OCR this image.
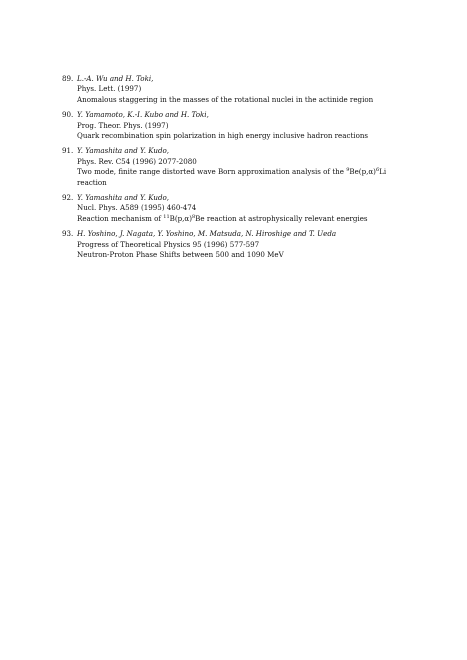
89. L.-A. Wu and H. Toki,
Phys. Lett. (1997)
Anomalous staggering in the masses of the rotational nuclei in the actinide region
90. Y. Yamamoto, K.-I. Kubo and H. Toki,
Prog. Theor. Phys. (1997)
Quark recombination spin polarization in high energy inclusive hadron reactions
91. Y. Yamashita and Y. Kudo,
Phys. Rev. C54 (1996) 2077-2080
Two mode, finite range distorted wave Born approximation analysis of the $^9Be(p,\alpha)^6Li$
reaction
92. Y. Yamashita and Y. Kudo,
Nucl. Phys. A589 (1995) 460-474
Reaction mechanism of $^{11}B(p,\alpha)^8Be$ reaction at astrophysically relevant energies
93. H. Yoshino, J. Nagata, Y. Yoshino, M. Matsuda, N. Hiroshige and T. Ueda
Progress of Theoretical Physics 95 (1996) 577-597
Neutron-Proton Phase Shifts between 500 and 1090 MeV
